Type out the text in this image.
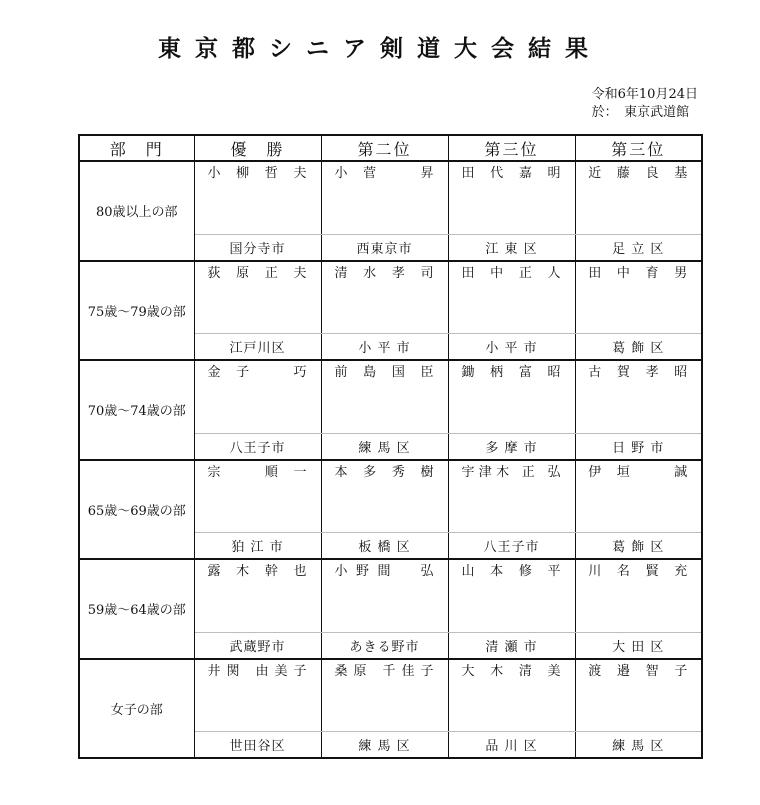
東京都シニア剣道大会結果
令和6年10月24日
於：　東京武道館
部　門	優　勝	第二位	第三位	第三位
80歳以上の部	小柳哲夫	小菅　昇	田代嘉明	近藤良基

	国分寺市	西東京市	江 東 区	足 立 区
75歳～79歳の部	荻原正夫	清水孝司	田中正人	田中育男

	江戸川区	小 平 市	小 平 市	葛 飾 区
70歳～74歳の部	金子　巧	前島国臣	鋤柄富昭	古賀孝昭

	八王子市	練 馬 区	多 摩 市	日 野 市
65歳～69歳の部	宗　順一	本多秀樹	宇津木 正 弘	伊垣　誠

	狛 江 市	板 橋 区	八王子市	葛 飾 区
59歳～64歳の部	露木幹也	小野間　弘	山本修平	川名賢充

	武蔵野市	あきる野市	清 瀬 市	大 田 区
女子の部	井関 由美子	桑原 千佳子	大木清美	渡邉智子

	世田谷区	練 馬 区	品 川 区	練 馬 区
